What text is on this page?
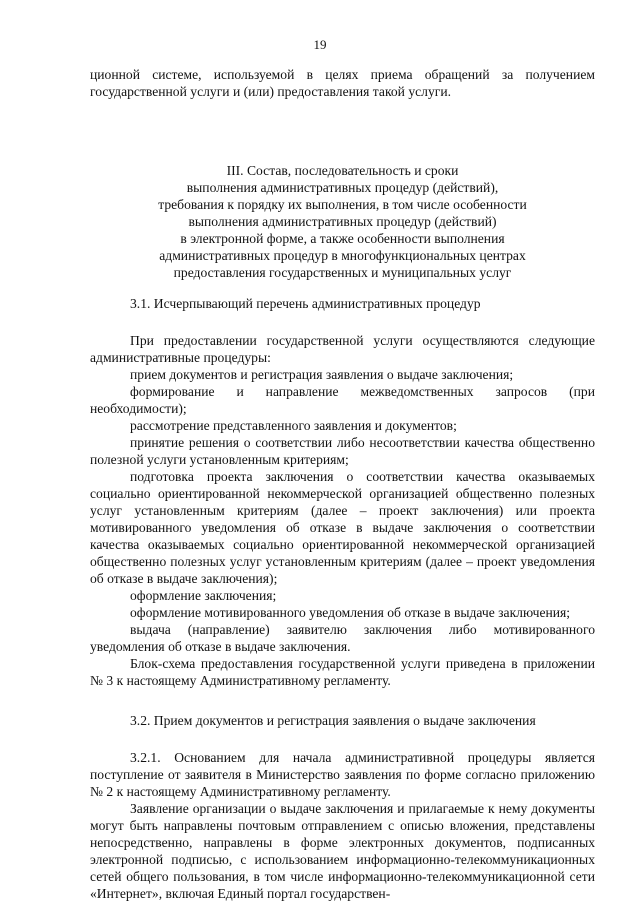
19

ционной системе, используемой в целях приема обращений за получением государственной услуги и (или) предоставления такой услуги.

III. Состав, последовательность и сроки
выполнения административных процедур (действий),
требования к порядку их выполнения, в том числе особенности
выполнения административных процедур (действий)
в электронной форме, а также особенности выполнения
административных процедур в многофункциональных центрах
предоставления государственных и муниципальных услуг

3.1. Исчерпывающий перечень административных процедур

При предоставлении государственной услуги осуществляются следующие административные процедуры:

прием документов и регистрация заявления о выдаче заключения;

формирование и направление межведомственных запросов (при необходимости);

рассмотрение представленного заявления и документов;

принятие решения о соответствии либо несоответствии качества общественно полезной услуги установленным критериям;

подготовка проекта заключения о соответствии качества оказываемых социально ориентированной некоммерческой организацией общественно полезных услуг установленным критериям (далее – проект заключения) или проекта мотивированного уведомления об отказе в выдаче заключения о соответствии качества оказываемых социально ориентированной некоммерческой организацией общественно полезных услуг установленным критериям (далее – проект уведомления об отказе в выдаче заключения);

оформление заключения;

оформление мотивированного уведомления об отказе в выдаче заключения;

выдача (направление) заявителю заключения либо мотивированного уведомления об отказе в выдаче заключения.

Блок-схема предоставления государственной услуги приведена в приложении № 3 к настоящему Административному регламенту.

3.2. Прием документов и регистрация заявления о выдаче заключения

3.2.1. Основанием для начала административной процедуры является поступление от заявителя в Министерство заявления по форме согласно приложению № 2 к настоящему Административному регламенту.

Заявление организации о выдаче заключения и прилагаемые к нему документы могут быть направлены почтовым отправлением с описью вложения, представлены непосредственно, направлены в форме электронных документов, подписанных электронной подписью, с использованием информационно-телекоммуникационных сетей общего пользования, в том числе информационно-телекоммуникационной сети «Интернет», включая Единый портал государствен-
